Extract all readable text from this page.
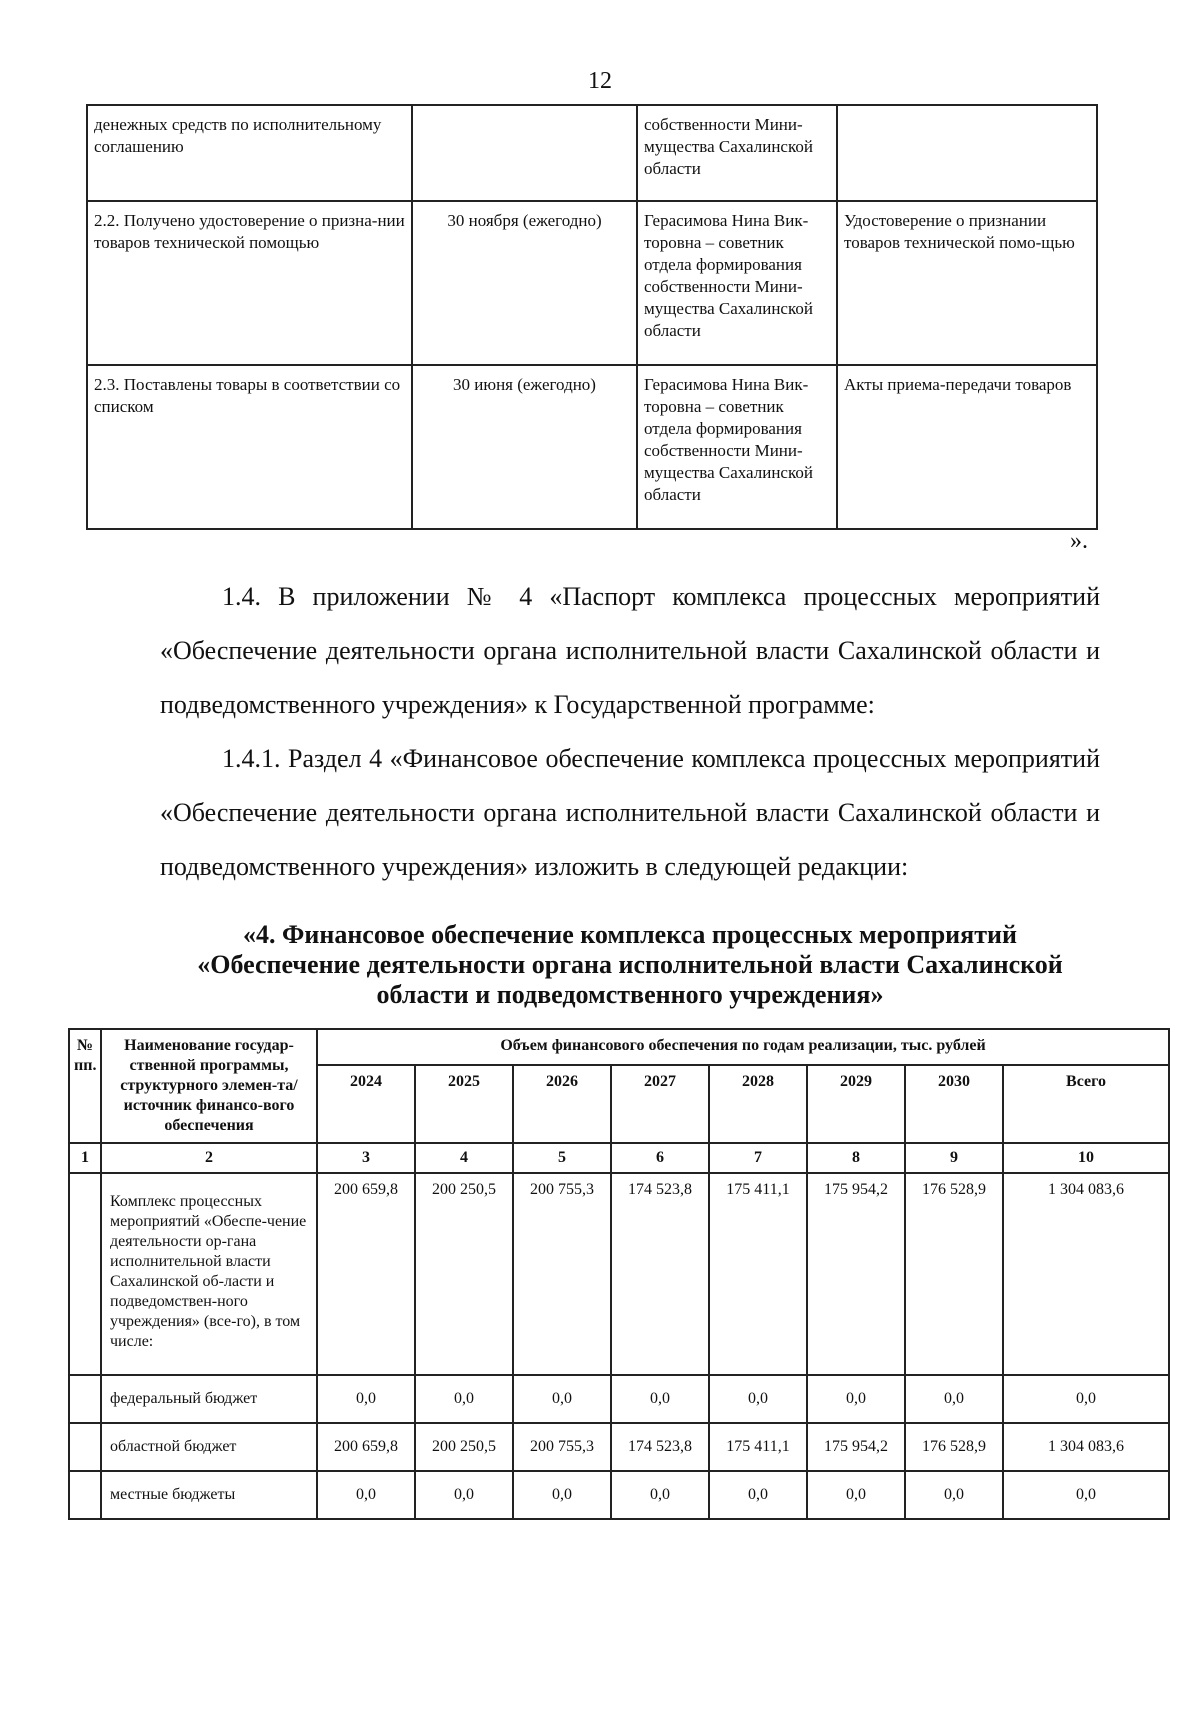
12
денежных средств по исполнительному соглашению		собственности Мини-мущества Сахалинской области	
2.2. Получено удостоверение о призна-нии товаров технической помощью	30 ноября (ежегодно)	Герасимова Нина Вик-торовна – советник отдела формирования собственности Мини-мущества Сахалинской области	Удостоверение о признании товаров технической помо-щью
2.3. Поставлены товары в соответствии со списком	30 июня (ежегодно)	Герасимова Нина Вик-торовна – советник отдела формирования собственности Мини-мущества Сахалинской области	Акты приема-передачи товаров
».
1.4. В приложении № 4 «Паспорт комплекса процессных мероприятий «Обеспечение деятельности органа исполнительной власти Сахалинской области и подведомственного учреждения» к Государственной программе:
1.4.1. Раздел 4 «Финансовое обеспечение комплекса процессных мероприятий «Обеспечение деятельности органа исполнительной власти Сахалинской области и подведомственного учреждения» изложить в следующей редакции:
«4. Финансовое обеспечение комплекса процессных мероприятий «Обеспечение деятельности органа исполнительной власти Сахалинской области и подведомственного учреждения»
№ пп.	Наименование государ-ственной программы, структурного элемен-та/источник финансо-вого обеспечения	Объем финансового обеспечения по годам реализации, тыс. рублей							
		2024	2025	2026	2027	2028	2029	2030	Всего
1	2	3	4	5	6	7	8	9	10
	Комплекс процессных мероприятий «Обеспе-чение деятельности ор-гана исполнительной власти Сахалинской об-ласти и подведомствен-ного учреждения» (все-го), в том числе:	200 659,8	200 250,5	200 755,3	174 523,8	175 411,1	175 954,2	176 528,9	1 304 083,6
	федеральный бюджет	0,0	0,0	0,0	0,0	0,0	0,0	0,0	0,0
	областной бюджет	200 659,8	200 250,5	200 755,3	174 523,8	175 411,1	175 954,2	176 528,9	1 304 083,6
	местные бюджеты	0,0	0,0	0,0	0,0	0,0	0,0	0,0	0,0
